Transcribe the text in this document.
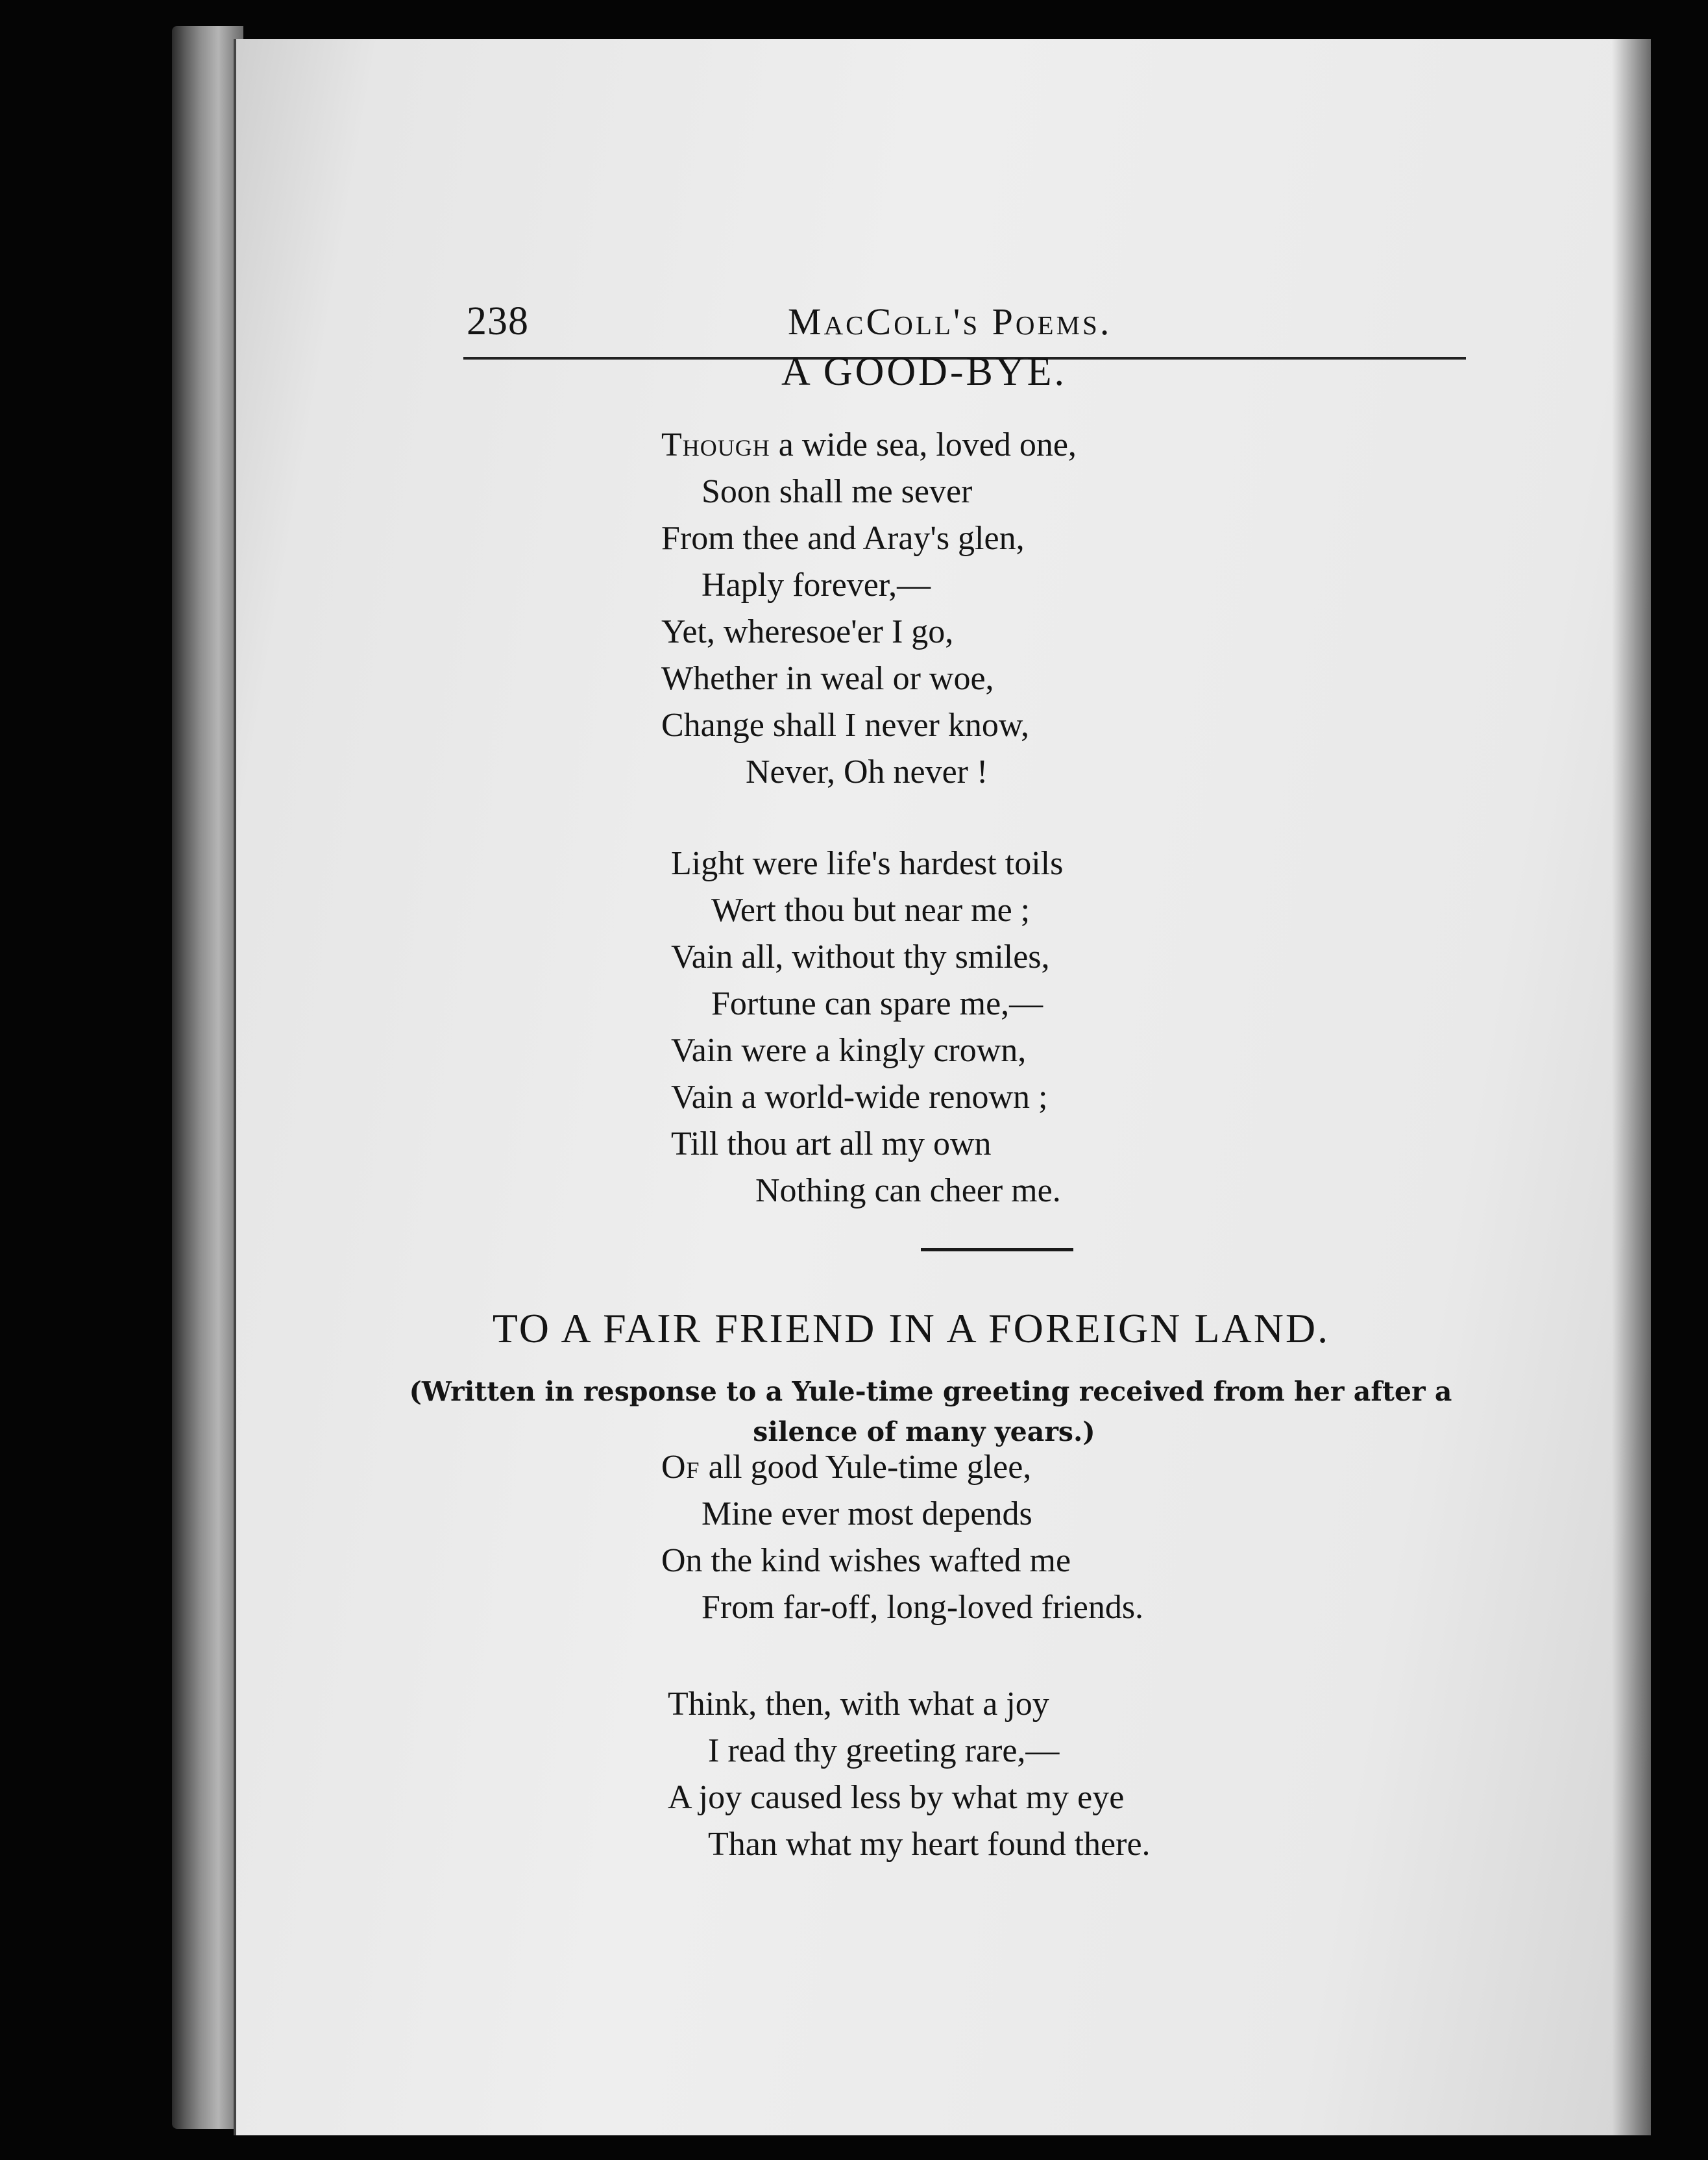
238	MacColl's Poems.
A GOOD-BYE.
Though a wide sea, loved one,
Soon shall me sever
From thee and Aray's glen,
Haply forever,—
Yet, wheresoe'er I go,
Whether in weal or woe,
Change shall I never know,
Never, Oh never !
Light were life's hardest toils
Wert thou but near me ;
Vain all, without thy smiles,
Fortune can spare me,—
Vain were a kingly crown,
Vain a world-wide renown ;
Till thou art all my own
Nothing can cheer me.
TO A FAIR FRIEND IN A FOREIGN LAND.
(Written in response to a Yule-time greeting received from her after a
silence of many years.)
Of all good Yule-time glee,
Mine ever most depends
On the kind wishes wafted me
From far-off, long-loved friends.
Think, then, with what a joy
I read thy greeting rare,—
A joy caused less by what my eye
Than what my heart found there.
